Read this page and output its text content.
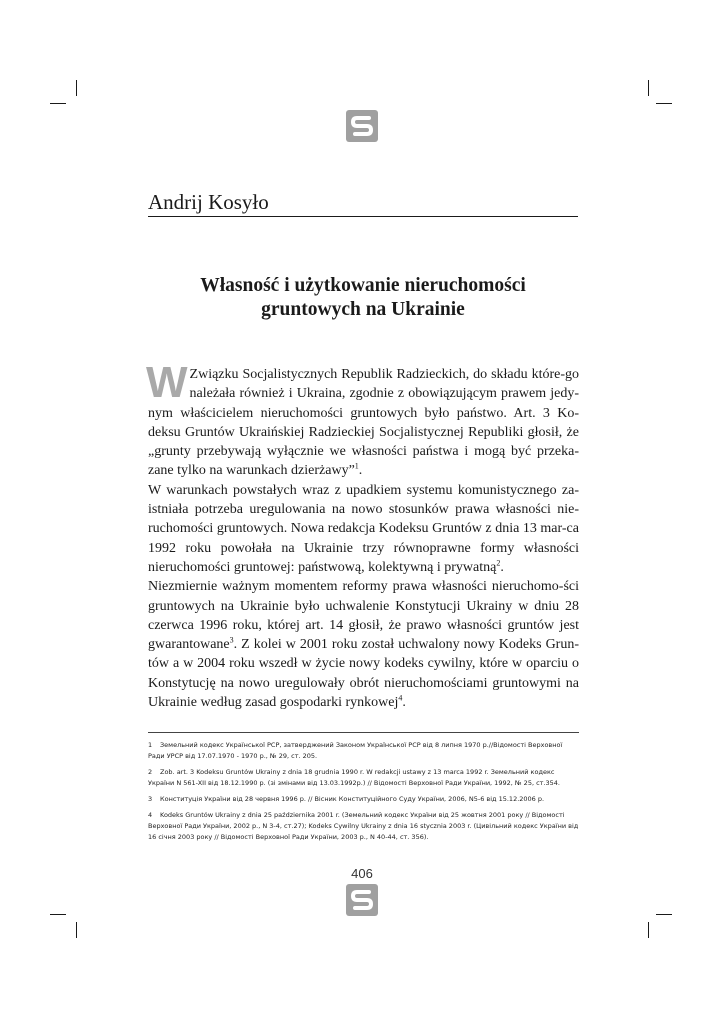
Andrij Kosyło
Własność i użytkowanie nieruchomości
gruntowych na Ukrainie

W Związku Socjalistycznych Republik Radzieckich, do składu które-go należała również i Ukraina, zgodnie z obowiązującym prawem jedy-nym właścicielem nieruchomości gruntowych było państwo. Art. 3 Ko-deksu Gruntów Ukraińskiej Radzieckiej Socjalistycznej Republiki głosił, że „grunty przebywają wyłącznie we własności państwa i mogą być przeka-zane tylko na warunkach dzierżawy”$^1$.

W warunkach powstałych wraz z upadkiem systemu komunistycznego za-istniała potrzeba uregulowania na nowo stosunków prawa własności nie-ruchomości gruntowych. Nowa redakcja Kodeksu Gruntów z dnia 13 mar-ca 1992 roku powołała na Ukrainie trzy równoprawne formy własności nieruchomości gruntowej: państwową, kolektywną i prywatną$^2$.

Niezmiernie ważnym momentem reformy prawa własności nieruchomo-ści gruntowych na Ukrainie było uchwalenie Konstytucji Ukrainy w dniu 28 czerwca 1996 roku, której art. 14 głosił, że prawo własności gruntów jest gwarantowane$^3$. Z kolei w 2001 roku został uchwalony nowy Kodeks Grun-tów a w 2004 roku wszedł w życie nowy kodeks cywilny, które w oparciu o Konstytucję na nowo uregulowały obrót nieruchomościami gruntowymi na Ukrainie według zasad gospodarki rynkowej$^4$.

1 Земельний кодекс Української РСР, затверджений Законом Української РСР від 8 липня 1970 р.//Відомості Верховної Ради УРСР від 17.07.1970 - 1970 р., № 29, ст. 205.
2 Zob. art. 3 Kodeksu Gruntów Ukrainy z dnia 18 grudnia 1990 r. W redakcji ustawy z 13 marca 1992 r. Земельний кодекс України N 561-XII від 18.12.1990 р. (зі змінами від 13.03.1992р.) // Відомості Верховної Ради України, 1992, № 25, ст.354.
3 Конституція України від 28 червня 1996 р. // Вісник Конституційного Суду України, 2006, N5-6 від 15.12.2006 р.
4 Kodeks Gruntów Ukrainy z dnia 25 października 2001 r. (Земельний кодекс України від 25 жовтня 2001 року // Відомості Верховної Ради України, 2002 р., N 3-4, ст.27); Kodeks Cywilny Ukrainy z dnia 16 stycznia 2003 r. (Цивільний кодекс України від 16 січня 2003 року // Відомості Верховної Ради України, 2003 р., N 40-44, ст. 356).
406
